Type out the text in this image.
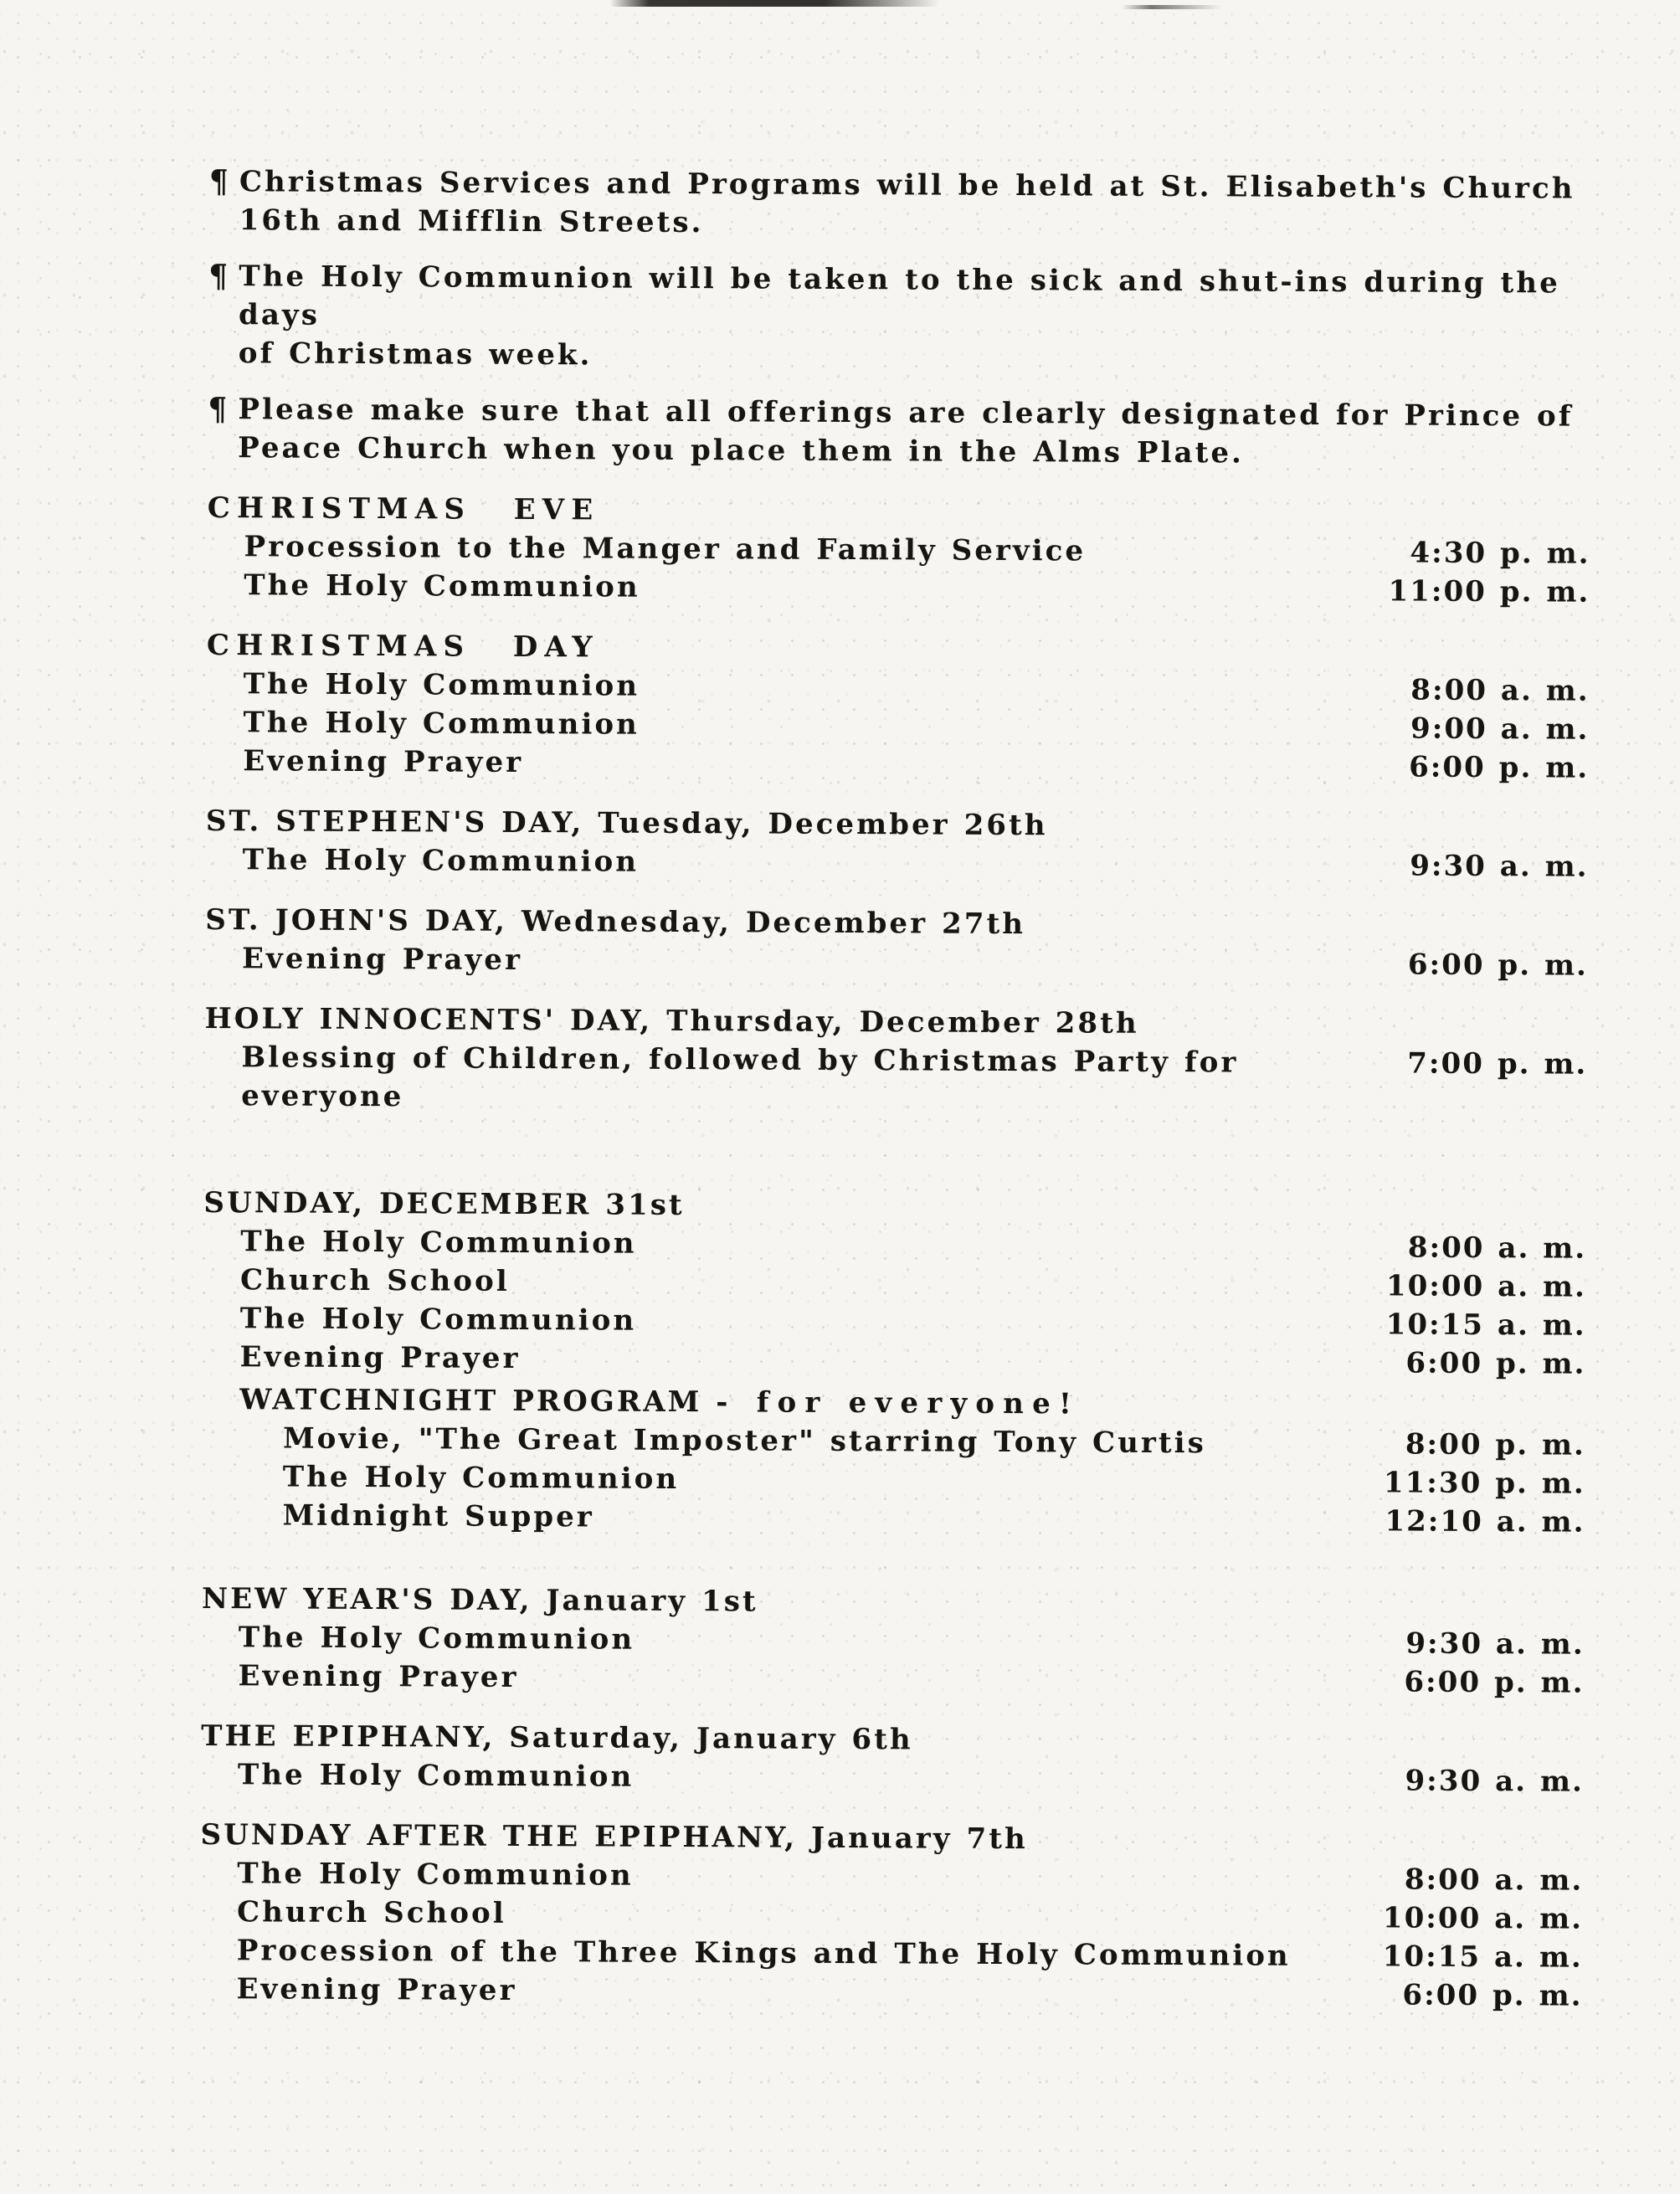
¶ Christmas Services and Programs will be held at St. Elisabeth's Church
16th and Mifflin Streets.
¶ The Holy Communion will be taken to the sick and shut-ins during the days
of Christmas week.
¶ Please make sure that all offerings are clearly designated for Prince of
Peace Church when you place them in the Alms Plate.
CHRISTMAS EVE
Procession to the Manger and Family Service	4:30 p. m.
The Holy Communion	11:00 p. m.
CHRISTMAS DAY
The Holy Communion	8:00 a. m.
The Holy Communion	9:00 a. m.
Evening Prayer	6:00 p. m.
ST. STEPHEN'S DAY, Tuesday, December 26th
The Holy Communion	9:30 a. m.
ST. JOHN'S DAY, Wednesday, December 27th
Evening Prayer	6:00 p. m.
HOLY INNOCENTS' DAY, Thursday, December 28th
Blessing of Children, followed by Christmas Party for everyone
7:00 p. m.
SUNDAY, DECEMBER 31st
The Holy Communion	8:00 a. m.
Church School	10:00 a. m.
The Holy Communion	10:15 a. m.
Evening Prayer	6:00 p. m.
WATCHNIGHT PROGRAM - for everyone!
Movie, "The Great Imposter" starring Tony Curtis	8:00 p. m.
The Holy Communion	11:30 p. m.
Midnight Supper	12:10 a. m.
NEW YEAR'S DAY, January 1st
The Holy Communion	9:30 a. m.
Evening Prayer	6:00 p. m.
THE EPIPHANY, Saturday, January 6th
The Holy Communion	9:30 a. m.
SUNDAY AFTER THE EPIPHANY, January 7th
The Holy Communion	8:00 a. m.
Church School	10:00 a. m.
Procession of the Three Kings and The Holy Communion	10:15 a. m.
Evening Prayer	6:00 p. m.
